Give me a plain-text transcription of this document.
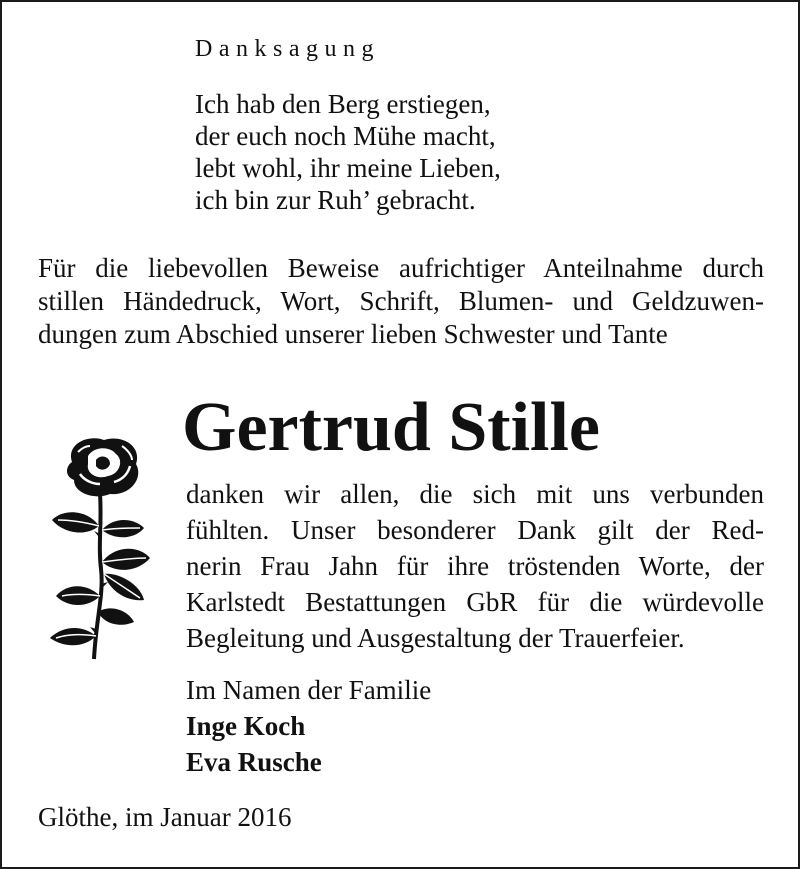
Danksagung
Ich hab den Berg erstiegen,
der euch noch Mühe macht,
lebt wohl, ihr meine Lieben,
ich bin zur Ruh’ gebracht.
Für die liebevollen Beweise aufrichtiger Anteilnahme durch
stillen Händedruck, Wort, Schrift, Blumen- und Geldzuwen-
dungen zum Abschied unserer lieben Schwester und Tante
Gertrud Stille
danken wir allen, die sich mit uns verbunden
fühlten. Unser besonderer Dank gilt der Red-
nerin Frau Jahn für ihre tröstenden Worte, der
Karlstedt Bestattungen GbR für die würdevolle
Begleitung und Ausgestaltung der Trauerfeier.
Im Namen der Familie
Inge Koch
Eva Rusche
Glöthe, im Januar 2016
